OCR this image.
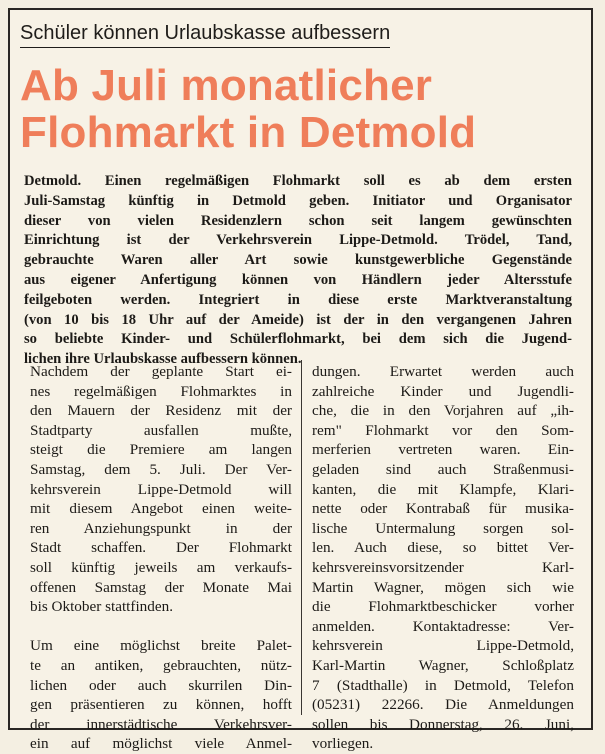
Schüler können Urlaubskasse aufbessern
Ab Juli monatlicher
Flohmarkt in Detmold
Detmold. Einen regelmäßigen Flohmarkt soll es ab dem ersten
Juli-Samstag künftig in Detmold geben. Initiator und Organisator
dieser von vielen Residenzlern schon seit langem gewünschten
Einrichtung ist der Verkehrsverein Lippe-Detmold. Trödel, Tand,
gebrauchte Waren aller Art sowie kunstgewerbliche Gegenstände
aus eigener Anfertigung können von Händlern jeder Altersstufe
feilgeboten werden. Integriert in diese erste Marktveranstaltung
(von 10 bis 18 Uhr auf der Ameide) ist der in den vergangenen Jahren
so beliebte Kinder- und Schülerflohmarkt, bei dem sich die Jugend-
lichen ihre Urlaubskasse aufbessern können.
Nachdem der geplante Start ei-
nes regelmäßigen Flohmarktes in
den Mauern der Residenz mit der
Stadtparty ausfallen mußte,
steigt die Premiere am langen
Samstag, dem 5. Juli. Der Ver-
kehrsverein Lippe-Detmold will
mit diesem Angebot einen weite-
ren Anziehungspunkt in der
Stadt schaffen. Der Flohmarkt
soll künftig jeweils am verkaufs-
offenen Samstag der Monate Mai
bis Oktober stattfinden.
Um eine möglichst breite Palet-
te an antiken, gebrauchten, nütz-
lichen oder auch skurrilen Din-
gen präsentieren zu können, hofft
der innerstädtische Verkehrsver-
ein auf möglichst viele Anmel-
dungen. Erwartet werden auch
zahlreiche Kinder und Jugendli-
che, die in den Vorjahren auf „ih-
rem" Flohmarkt vor den Som-
merferien vertreten waren. Ein-
geladen sind auch Straßenmusi-
kanten, die mit Klampfe, Klari-
nette oder Kontrabaß für musika-
lische Untermalung sorgen sol-
len. Auch diese, so bittet Ver-
kehrsvereinsvorsitzender Karl-
Martin Wagner, mögen sich wie
die Flohmarktbeschicker vorher
anmelden. Kontaktadresse: Ver-
kehrsverein Lippe-Detmold,
Karl-Martin Wagner, Schloßplatz
7 (Stadthalle) in Detmold, Telefon
(05231) 22266. Die Anmeldungen
sollen bis Donnerstag, 26. Juni,
vorliegen.
